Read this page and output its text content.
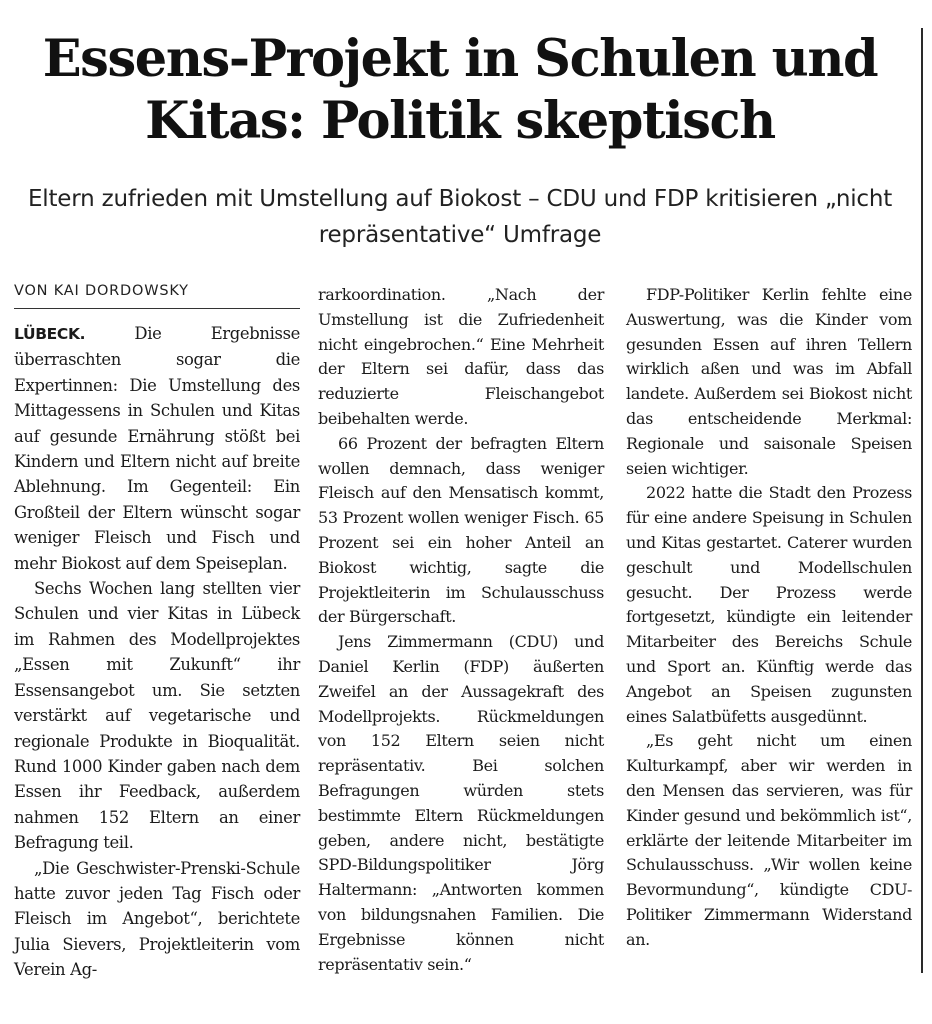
Essens-Projekt in Schulen und Kitas: Politik skeptisch
Eltern zufrieden mit Umstellung auf Biokost – CDU und FDP kritisieren „nicht repräsentative“ Umfrage
VON KAI DORDOWSKY

LÜBECK. Die Ergebnisse überraschten sogar die Expertinnen: Die Umstellung des Mittagessens in Schulen und Kitas auf gesunde Ernährung stößt bei Kindern und Eltern nicht auf breite Ablehnung. Im Gegenteil: Ein Großteil der Eltern wünscht sogar weniger Fleisch und Fisch und mehr Biokost auf dem Speiseplan.

Sechs Wochen lang stellten vier Schulen und vier Kitas in Lübeck im Rahmen des Modellprojektes „Essen mit Zukunft“ ihr Essensangebot um. Sie setzten verstärkt auf vegetarische und regionale Produkte in Bioqualität. Rund 1000 Kinder gaben nach dem Essen ihr Feedback, außerdem nahmen 152 Eltern an einer Befragung teil.

„Die Geschwister-Prenski-Schule hatte zuvor jeden Tag Fisch oder Fleisch im Angebot“, berichtete Julia Sievers, Projektleiterin vom Verein Ag-

rarkoordination. „Nach der Umstellung ist die Zufriedenheit nicht eingebrochen.“ Eine Mehrheit der Eltern sei dafür, dass das reduzierte Fleischangebot beibehalten werde.

66 Prozent der befragten Eltern wollen demnach, dass weniger Fleisch auf den Mensatisch kommt, 53 Prozent wollen weniger Fisch. 65 Prozent sei ein hoher Anteil an Biokost wichtig, sagte die Projektleiterin im Schulausschuss der Bürgerschaft.

Jens Zimmermann (CDU) und Daniel Kerlin (FDP) äußerten Zweifel an der Aussagekraft des Modellprojekts. Rückmeldungen von 152 Eltern seien nicht repräsentativ. Bei solchen Befragungen würden stets bestimmte Eltern Rückmeldungen geben, andere nicht, bestätigte SPD-Bildungspolitiker Jörg Haltermann: „Antworten kommen von bildungsnahen Familien. Die Ergebnisse können nicht repräsentativ sein.“

FDP-Politiker Kerlin fehlte eine Auswertung, was die Kinder vom gesunden Essen auf ihren Tellern wirklich aßen und was im Abfall landete. Außerdem sei Biokost nicht das entscheidende Merkmal: Regionale und saisonale Speisen seien wichtiger.

2022 hatte die Stadt den Prozess für eine andere Speisung in Schulen und Kitas gestartet. Caterer wurden geschult und Modellschulen gesucht. Der Prozess werde fortgesetzt, kündigte ein leitender Mitarbeiter des Bereichs Schule und Sport an. Künftig werde das Angebot an Speisen zugunsten eines Salatbüfetts ausgedünnt.

„Es geht nicht um einen Kulturkampf, aber wir werden in den Mensen das servieren, was für Kinder gesund und bekömmlich ist“, erklärte der leitende Mitarbeiter im Schulausschuss. „Wir wollen keine Bevormundung“, kündigte CDU-Politiker Zimmermann Widerstand an.
